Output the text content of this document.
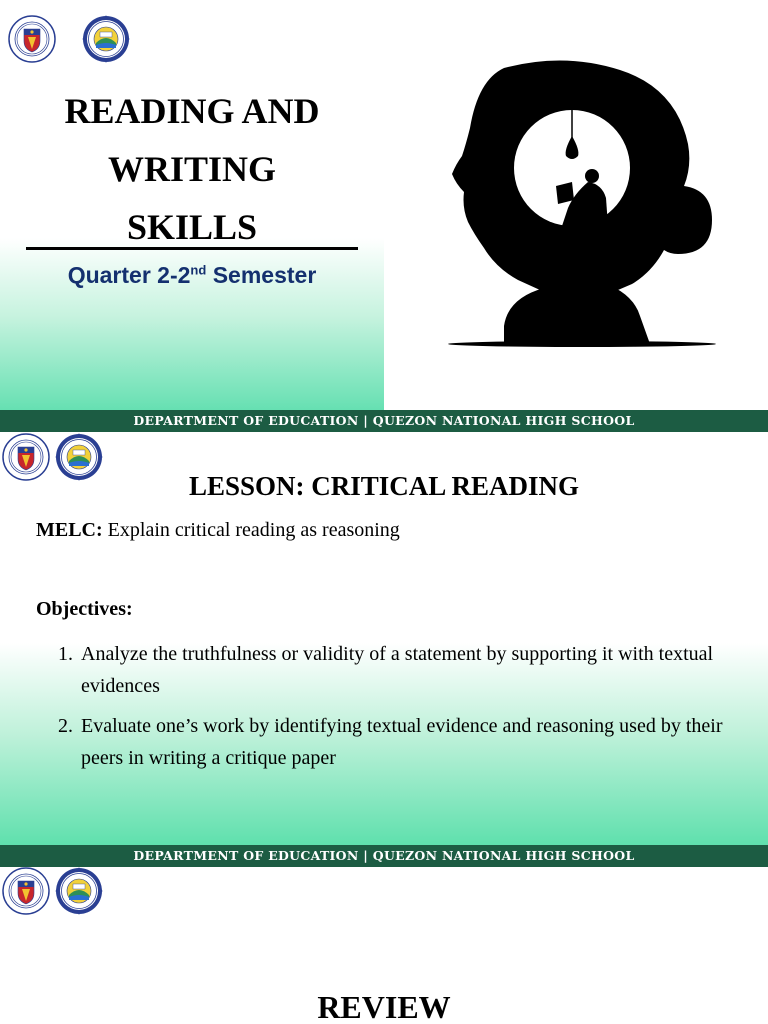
READING AND
WRITING
SKILLS
Quarter 2-2nd Semester
DEPARTMENT OF EDUCATION | QUEZON NATIONAL HIGH SCHOOL
LESSON: CRITICAL READING
MELC: Explain critical reading as reasoning
Objectives:
1. Analyze the truthfulness or validity of a statement by supporting it with textual evidences
2. Evaluate one’s work by identifying textual evidence and reasoning used by their peers in writing a critique paper
DEPARTMENT OF EDUCATION | QUEZON NATIONAL HIGH SCHOOL
REVIEW
